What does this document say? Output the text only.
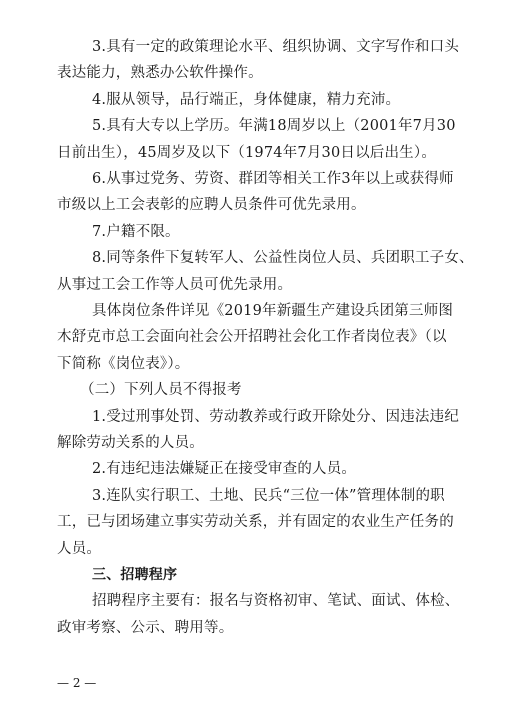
3.具有一定的政策理论水平、组织协调、文字写作和口头
表达能力，熟悉办公软件操作。
4.服从领导，品行端正，身体健康，精力充沛。
5.具有大专以上学历。年满18周岁以上（2001年7月30
日前出生），45周岁及以下（1974年7月30日以后出生）。
6.从事过党务、劳资、群团等相关工作3年以上或获得师
市级以上工会表彰的应聘人员条件可优先录用。
7.户籍不限。
8.同等条件下复转军人、公益性岗位人员、兵团职工子女、
从事过工会工作等人员可优先录用。
具体岗位条件详见《2019年新疆生产建设兵团第三师图
木舒克市总工会面向社会公开招聘社会化工作者岗位表》（以
下简称《岗位表》）。
（二）下列人员不得报考
1.受过刑事处罚、劳动教养或行政开除处分、因违法违纪
解除劳动关系的人员。
2.有违纪违法嫌疑正在接受审查的人员。
3.连队实行职工、土地、民兵“三位一体”管理体制的职
工，已与团场建立事实劳动关系，并有固定的农业生产任务的
人员。
三、招聘程序
招聘程序主要有：报名与资格初审、笔试、面试、体检、
政审考察、公示、聘用等。
— 2 —
